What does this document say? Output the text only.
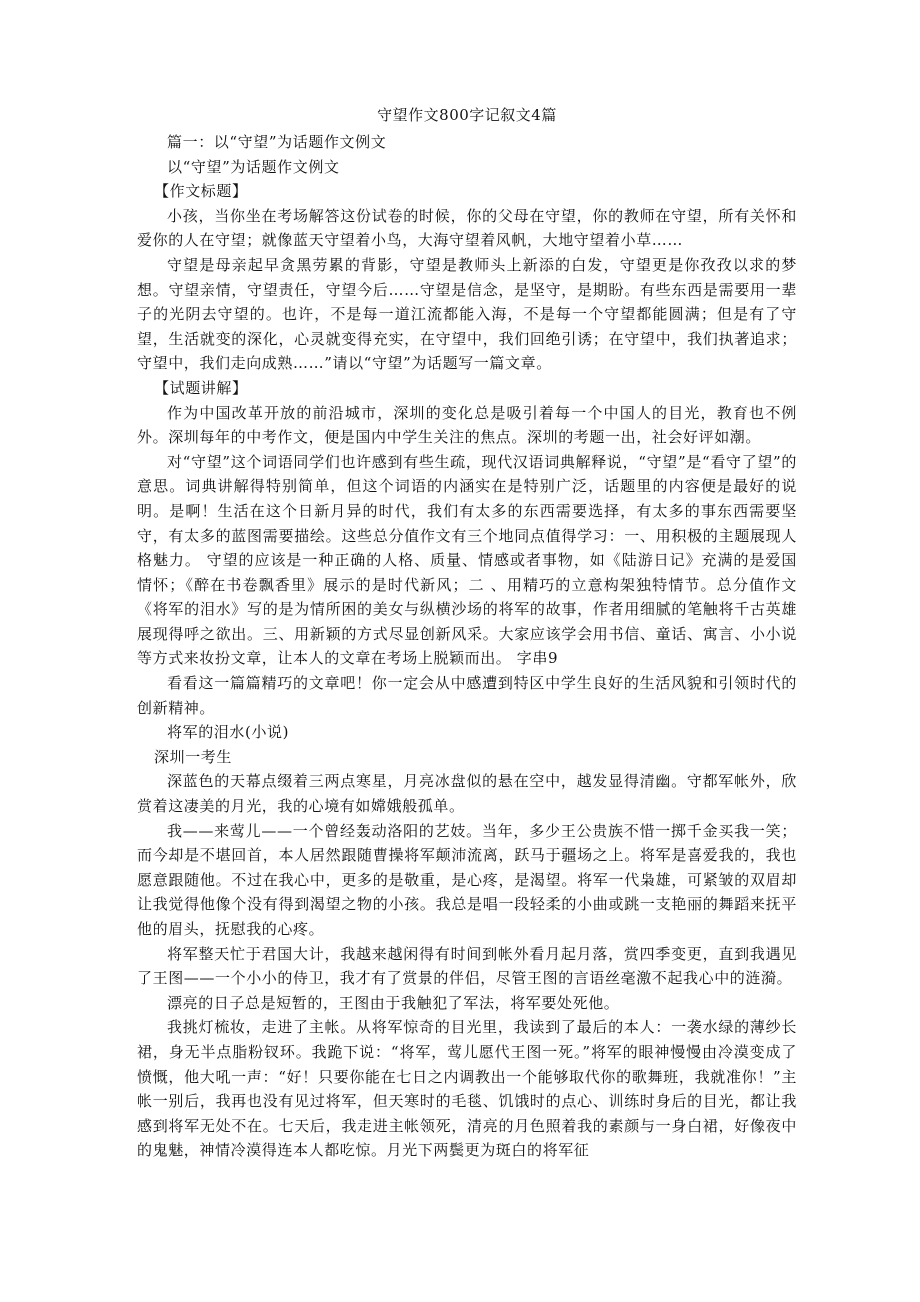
守望作文800字记叙文4篇

篇一：以“守望”为话题作文例文

以“守望”为话题作文例文

【作文标题】

小孩，当你坐在考场解答这份试卷的时候，你的父母在守望，你的教师在守望，所有关怀和爱你的人在守望；就像蓝天守望着小鸟，大海守望着风帆，大地守望着小草……

守望是母亲起早贪黑劳累的背影，守望是教师头上新添的白发，守望更是你孜孜以求的梦想。守望亲情，守望责任，守望今后……守望是信念，是坚守，是期盼。有些东西是需要用一辈子的光阴去守望的。也许，不是每一道江流都能入海，不是每一个守望都能圆满；但是有了守望，生活就变的深化，心灵就变得充实，在守望中，我们回绝引诱；在守望中，我们执著追求；守望中，我们走向成熟……”请以“守望”为话题写一篇文章。

【试题讲解】

作为中国改革开放的前沿城市，深圳的变化总是吸引着每一个中国人的目光，教育也不例外。深圳每年的中考作文，便是国内中学生关注的焦点。深圳的考题一出，社会好评如潮。

对“守望”这个词语同学们也许感到有些生疏，现代汉语词典解释说，“守望”是“看守了望”的意思。词典讲解得特别简单，但这个词语的内涵实在是特别广泛，话题里的内容便是最好的说明。是啊！生活在这个日新月异的时代，我们有太多的东西需要选择，有太多的事东西需要坚守，有太多的蓝图需要描绘。这些总分值作文有三个地同点值得学习：一、用积极的主题展现人格魅力。 守望的应该是一种正确的人格、质量、情感或者事物，如《陆游日记》充满的是爱国情怀；《醉在书卷飘香里》展示的是时代新风；二 、用精巧的立意构架独特情节。总分值作文《将军的泪水》写的是为情所困的美女与纵横沙场的将军的故事，作者用细腻的笔触将千古英雄展现得呼之欲出。三、用新颖的方式尽显创新风采。大家应该学会用书信、童话、寓言、小小说等方式来妆扮文章，让本人的文章在考场上脱颖而出。 字串9

看看这一篇篇精巧的文章吧！你一定会从中感遭到特区中学生良好的生活风貌和引领时代的创新精神。

将军的泪水(小说)

深圳一考生

深蓝色的天幕点缀着三两点寒星，月亮冰盘似的悬在空中，越发显得清幽。守都军帐外，欣赏着这凄美的月光，我的心境有如嫦娥般孤单。

我——来莺儿——一个曾经轰动洛阳的艺妓。当年，多少王公贵族不惜一掷千金买我一笑；而今却是不堪回首，本人居然跟随曹操将军颠沛流离，跃马于疆场之上。将军是喜爱我的，我也愿意跟随他。不过在我心中，更多的是敬重，是心疼，是渴望。将军一代枭雄，可紧皱的双眉却让我觉得他像个没有得到渴望之物的小孩。我总是唱一段轻柔的小曲或跳一支艳丽的舞蹈来抚平他的眉头，抚慰我的心疼。

将军整天忙于君国大计，我越来越闲得有时间到帐外看月起月落，赏四季变更，直到我遇见了王图——一个小小的侍卫，我才有了赏景的伴侣，尽管王图的言语丝毫激不起我心中的涟漪。

漂亮的日子总是短暂的，王图由于我触犯了军法，将军要处死他。

我挑灯梳妆，走进了主帐。从将军惊奇的目光里，我读到了最后的本人：一袭水绿的薄纱长裙，身无半点脂粉钗环。我跪下说：“将军，莺儿愿代王图一死。”将军的眼神慢慢由冷漠变成了愤慨，他大吼一声：“好！只要你能在七日之内调教出一个能够取代你的歌舞班，我就准你！”主帐一别后，我再也没有见过将军，但天寒时的毛毯、饥饿时的点心、训练时身后的目光，都让我感到将军无处不在。七天后，我走进主帐领死，清亮的月色照着我的素颜与一身白裙，好像夜中的鬼魅，神情冷漠得连本人都吃惊。月光下两鬓更为斑白的将军征
